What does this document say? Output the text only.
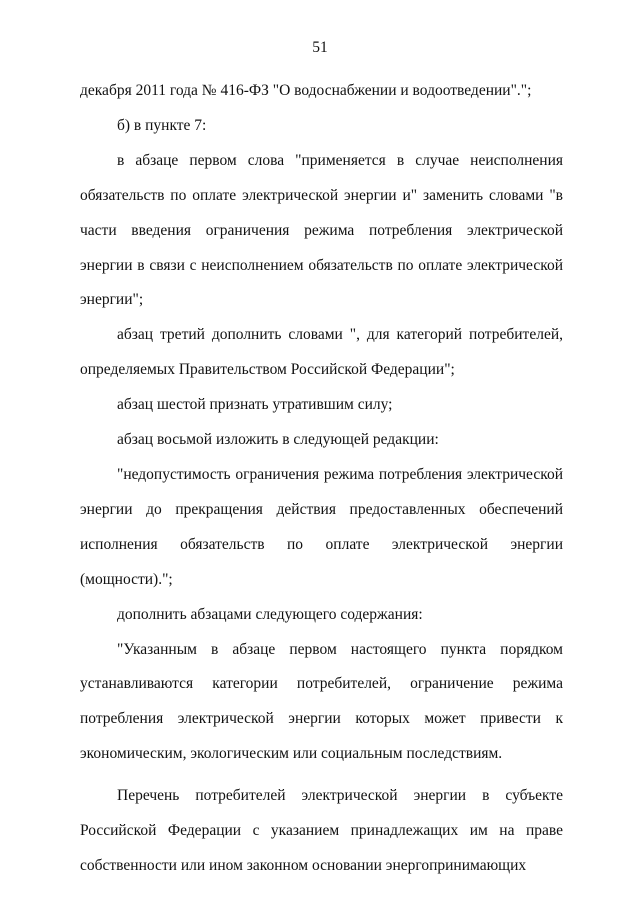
51

декабря 2011 года № 416-ФЗ "О водоснабжении и водоотведении".";

б) в пункте 7:

в абзаце первом слова "применяется в случае неисполнения обязательств по оплате электрической энергии и" заменить словами "в части введения ограничения режима потребления электрической энергии в связи с неисполнением обязательств по оплате электрической энергии";

абзац третий дополнить словами ", для категорий потребителей, определяемых Правительством Российской Федерации";

абзац шестой признать утратившим силу;

абзац восьмой изложить в следующей редакции:

"недопустимость ограничения режима потребления электрической энергии до прекращения действия предоставленных обеспечений исполнения обязательств по оплате электрической энергии (мощности).";

дополнить абзацами следующего содержания:

"Указанным в абзаце первом настоящего пункта порядком устанавливаются категории потребителей, ограничение режима потребления электрической энергии которых может привести к экономическим, экологическим или социальным последствиям.

Перечень потребителей электрической энергии в субъекте Российской Федерации с указанием принадлежащих им на праве собственности или ином законном основании энергопринимающих
